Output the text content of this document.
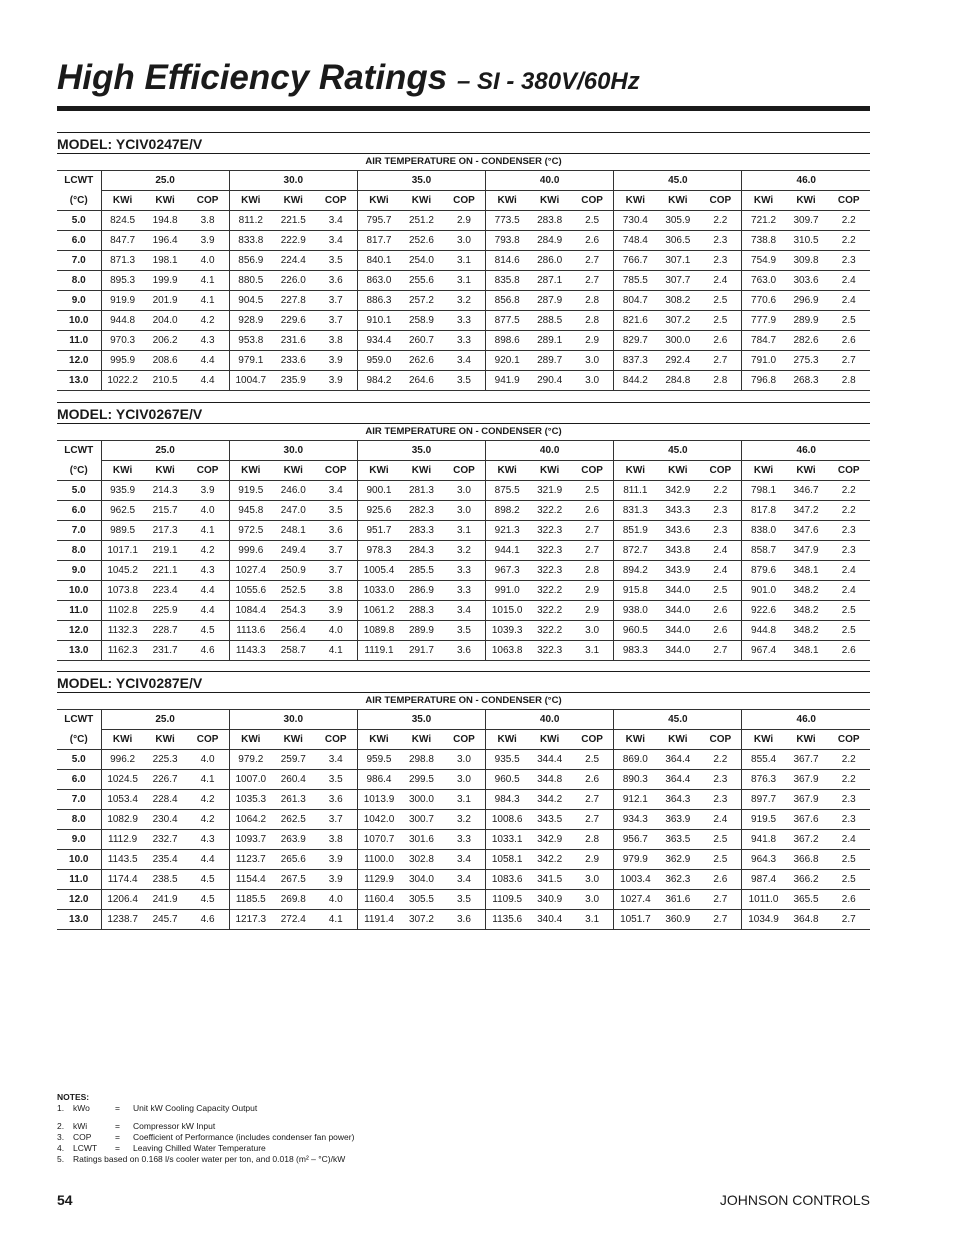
High Efficiency Ratings – SI - 380V/60Hz
MODEL: YCIV0247E/V
AIR TEMPERATURE ON - CONDENSER (°C)
LCWT	25.0			30.0			35.0			40.0			45.0			46.0		
(°C)	KWi	KWi	COP	KWi	KWi	COP	KWi	KWi	COP	KWi	KWi	COP	KWi	KWi	COP	KWi	KWi	COP
5.0	824.5	194.8	3.8	811.2	221.5	3.4	795.7	251.2	2.9	773.5	283.8	2.5	730.4	305.9	2.2	721.2	309.7	2.2
6.0	847.7	196.4	3.9	833.8	222.9	3.4	817.7	252.6	3.0	793.8	284.9	2.6	748.4	306.5	2.3	738.8	310.5	2.2
7.0	871.3	198.1	4.0	856.9	224.4	3.5	840.1	254.0	3.1	814.6	286.0	2.7	766.7	307.1	2.3	754.9	309.8	2.3
8.0	895.3	199.9	4.1	880.5	226.0	3.6	863.0	255.6	3.1	835.8	287.1	2.7	785.5	307.7	2.4	763.0	303.6	2.4
9.0	919.9	201.9	4.1	904.5	227.8	3.7	886.3	257.2	3.2	856.8	287.9	2.8	804.7	308.2	2.5	770.6	296.9	2.4
10.0	944.8	204.0	4.2	928.9	229.6	3.7	910.1	258.9	3.3	877.5	288.5	2.8	821.6	307.2	2.5	777.9	289.9	2.5
11.0	970.3	206.2	4.3	953.8	231.6	3.8	934.4	260.7	3.3	898.6	289.1	2.9	829.7	300.0	2.6	784.7	282.6	2.6
12.0	995.9	208.6	4.4	979.1	233.6	3.9	959.0	262.6	3.4	920.1	289.7	3.0	837.3	292.4	2.7	791.0	275.3	2.7
13.0	1022.2	210.5	4.4	1004.7	235.9	3.9	984.2	264.6	3.5	941.9	290.4	3.0	844.2	284.8	2.8	796.8	268.3	2.8
MODEL: YCIV0267E/V
AIR TEMPERATURE ON - CONDENSER (°C)
LCWT	25.0			30.0			35.0			40.0			45.0			46.0		
(°C)	KWi	KWi	COP	KWi	KWi	COP	KWi	KWi	COP	KWi	KWi	COP	KWi	KWi	COP	KWi	KWi	COP
5.0	935.9	214.3	3.9	919.5	246.0	3.4	900.1	281.3	3.0	875.5	321.9	2.5	811.1	342.9	2.2	798.1	346.7	2.2
6.0	962.5	215.7	4.0	945.8	247.0	3.5	925.6	282.3	3.0	898.2	322.2	2.6	831.3	343.3	2.3	817.8	347.2	2.2
7.0	989.5	217.3	4.1	972.5	248.1	3.6	951.7	283.3	3.1	921.3	322.3	2.7	851.9	343.6	2.3	838.0	347.6	2.3
8.0	1017.1	219.1	4.2	999.6	249.4	3.7	978.3	284.3	3.2	944.1	322.3	2.7	872.7	343.8	2.4	858.7	347.9	2.3
9.0	1045.2	221.1	4.3	1027.4	250.9	3.7	1005.4	285.5	3.3	967.3	322.3	2.8	894.2	343.9	2.4	879.6	348.1	2.4
10.0	1073.8	223.4	4.4	1055.6	252.5	3.8	1033.0	286.9	3.3	991.0	322.2	2.9	915.8	344.0	2.5	901.0	348.2	2.4
11.0	1102.8	225.9	4.4	1084.4	254.3	3.9	1061.2	288.3	3.4	1015.0	322.2	2.9	938.0	344.0	2.6	922.6	348.2	2.5
12.0	1132.3	228.7	4.5	1113.6	256.4	4.0	1089.8	289.9	3.5	1039.3	322.2	3.0	960.5	344.0	2.6	944.8	348.2	2.5
13.0	1162.3	231.7	4.6	1143.3	258.7	4.1	1119.1	291.7	3.6	1063.8	322.3	3.1	983.3	344.0	2.7	967.4	348.1	2.6
MODEL: YCIV0287E/V
AIR TEMPERATURE ON - CONDENSER (°C)
LCWT	25.0			30.0			35.0			40.0			45.0			46.0		
(°C)	KWi	KWi	COP	KWi	KWi	COP	KWi	KWi	COP	KWi	KWi	COP	KWi	KWi	COP	KWi	KWi	COP
5.0	996.2	225.3	4.0	979.2	259.7	3.4	959.5	298.8	3.0	935.5	344.4	2.5	869.0	364.4	2.2	855.4	367.7	2.2
6.0	1024.5	226.7	4.1	1007.0	260.4	3.5	986.4	299.5	3.0	960.5	344.8	2.6	890.3	364.4	2.3	876.3	367.9	2.2
7.0	1053.4	228.4	4.2	1035.3	261.3	3.6	1013.9	300.0	3.1	984.3	344.2	2.7	912.1	364.3	2.3	897.7	367.9	2.3
8.0	1082.9	230.4	4.2	1064.2	262.5	3.7	1042.0	300.7	3.2	1008.6	343.5	2.7	934.3	363.9	2.4	919.5	367.6	2.3
9.0	1112.9	232.7	4.3	1093.7	263.9	3.8	1070.7	301.6	3.3	1033.1	342.9	2.8	956.7	363.5	2.5	941.8	367.2	2.4
10.0	1143.5	235.4	4.4	1123.7	265.6	3.9	1100.0	302.8	3.4	1058.1	342.2	2.9	979.9	362.9	2.5	964.3	366.8	2.5
11.0	1174.4	238.5	4.5	1154.4	267.5	3.9	1129.9	304.0	3.4	1083.6	341.5	3.0	1003.4	362.3	2.6	987.4	366.2	2.5
12.0	1206.4	241.9	4.5	1185.5	269.8	4.0	1160.4	305.5	3.5	1109.5	340.9	3.0	1027.4	361.6	2.7	1011.0	365.5	2.6
13.0	1238.7	245.7	4.6	1217.3	272.4	4.1	1191.4	307.2	3.6	1135.6	340.4	3.1	1051.7	360.9	2.7	1034.9	364.8	2.7
NOTES:
1.	kWo	=	Unit kW Cooling Capacity Output
2.	kWi	=	Compressor kW Input
3.	COP	=	Coefficient of Performance (includes condenser fan power)
4.	LCWT	=	Leaving Chilled Water Temperature
5.	Ratings based on 0.168 l/s cooler water per ton, and 0.018 (m² – °C)/kW
54	JOHNSON CONTROLS
